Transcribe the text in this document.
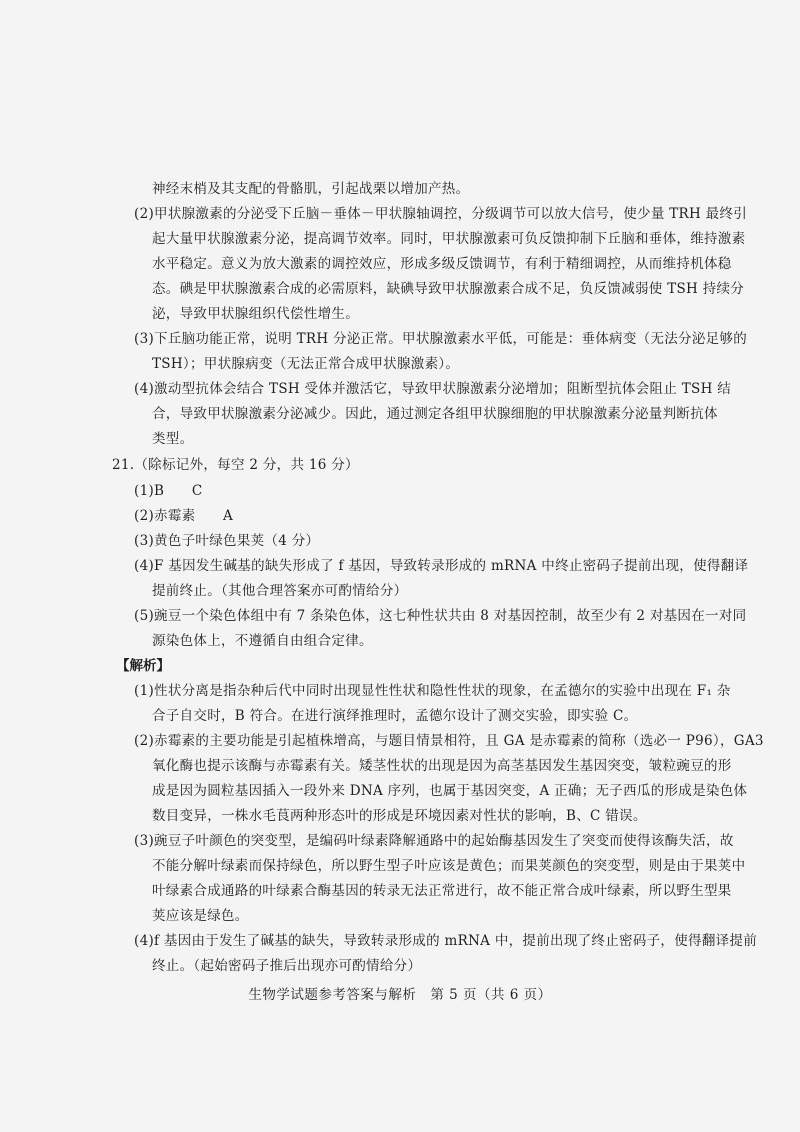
神经末梢及其支配的骨骼肌，引起战栗以增加产热。
(2)甲状腺激素的分泌受下丘脑－垂体－甲状腺轴调控，分级调节可以放大信号，使少量 TRH 最终引
起大量甲状腺激素分泌，提高调节效率。同时，甲状腺激素可负反馈抑制下丘脑和垂体，维持激素
水平稳定。意义为放大激素的调控效应，形成多级反馈调节，有利于精细调控，从而维持机体稳
态。碘是甲状腺激素合成的必需原料，缺碘导致甲状腺激素合成不足，负反馈减弱使 TSH 持续分
泌，导致甲状腺组织代偿性增生。
(3)下丘脑功能正常，说明 TRH 分泌正常。甲状腺激素水平低，可能是：垂体病变（无法分泌足够的
TSH）；甲状腺病变（无法正常合成甲状腺激素）。
(4)激动型抗体会结合 TSH 受体并激活它，导致甲状腺激素分泌增加；阻断型抗体会阻止 TSH 结
合，导致甲状腺激素分泌减少。因此，通过测定各组甲状腺细胞的甲状腺激素分泌量判断抗体
类型。
21.（除标记外，每空 2 分，共 16 分）
(1)B　　C
(2)赤霉素　　A
(3)黄色子叶绿色果荚（4 分）
(4)F 基因发生碱基的缺失形成了 f 基因，导致转录形成的 mRNA 中终止密码子提前出现，使得翻译
提前终止。（其他合理答案亦可酌情给分）
(5)豌豆一个染色体组中有 7 条染色体，这七种性状共由 8 对基因控制，故至少有 2 对基因在一对同
源染色体上，不遵循自由组合定律。
【解析】
(1)性状分离是指杂种后代中同时出现显性性状和隐性性状的现象，在孟德尔的实验中出现在 F₁ 杂
合子自交时，B 符合。在进行演绎推理时，孟德尔设计了测交实验，即实验 C。
(2)赤霉素的主要功能是引起植株增高，与题目情景相符，且 GA 是赤霉素的简称（选必一 P96），GA3
氧化酶也提示该酶与赤霉素有关。矮茎性状的出现是因为高茎基因发生基因突变，皱粒豌豆的形
成是因为圆粒基因插入一段外来 DNA 序列，也属于基因突变，A 正确；无子西瓜的形成是染色体
数目变异，一株水毛茛两种形态叶的形成是环境因素对性状的影响，B、C 错误。
(3)豌豆子叶颜色的突变型，是编码叶绿素降解通路中的起始酶基因发生了突变而使得该酶失活，故
不能分解叶绿素而保持绿色，所以野生型子叶应该是黄色；而果荚颜色的突变型，则是由于果荚中
叶绿素合成通路的叶绿素合酶基因的转录无法正常进行，故不能正常合成叶绿素，所以野生型果
荚应该是绿色。
(4)f 基因由于发生了碱基的缺失，导致转录形成的 mRNA 中，提前出现了终止密码子，使得翻译提前
终止。（起始密码子推后出现亦可酌情给分）
生物学试题参考答案与解析　第 5 页（共 6 页）
